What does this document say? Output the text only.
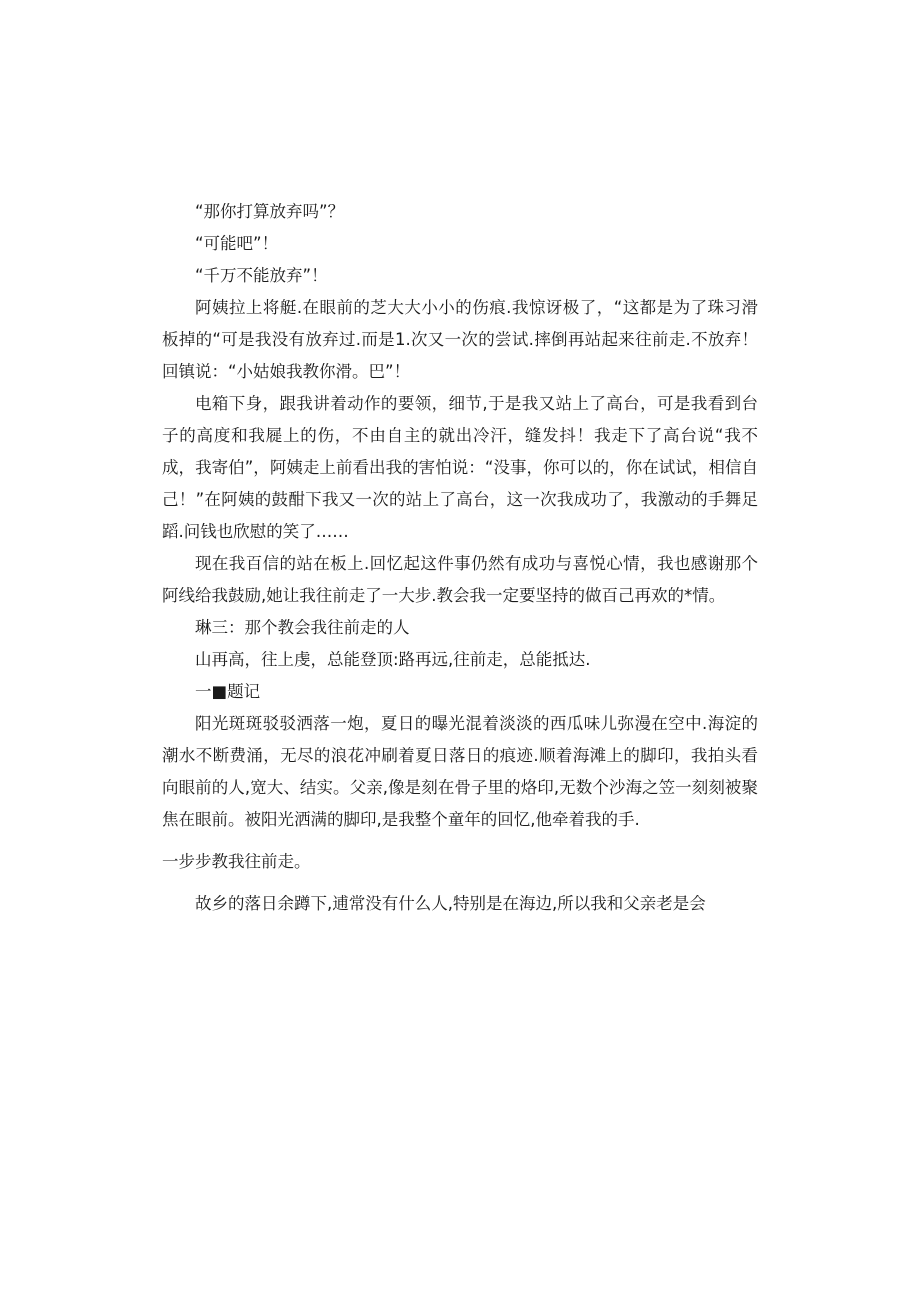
“那你打算放弃吗”？

“可能吧”！

“千万不能放弃”！

阿姨拉上将艇.在眼前的芝大大小小的伤痕.我惊讶极了，“这都是为了珠习滑板掉的“可是我没有放弃过.而是1.次又一次的尝试.摔倒再站起来往前走.不放弃！回镇说：“小姑娘我教你滑。巴”！

电箱下身，跟我讲着动作的要领，细节,于是我又站上了高台，可是我看到台子的高度和我屣上的伤，不由自主的就出冷汗，缝发抖！我走下了高台说“我不成，我寄伯”，阿姨走上前看出我的害怕说：“没事，你可以的，你在试试，相信自己！”在阿姨的鼓酣下我又一次的站上了高台，这一次我成功了，我激动的手舞足蹈.问钱也欣慰的笑了……

现在我百信的站在板上.回忆起这件事仍然有成功与喜悦心情，我也感谢那个阿线给我鼓励,她让我往前走了一大步.教会我一定要坚持的做百己再欢的*情。

琳三：那个教会我往前走的人

山再高，往上虔，总能登顶:路再远,往前走，总能抵达.

一■题记

阳光斑斑驳驳洒落一炮，夏日的曝光混着淡淡的西瓜味儿弥漫在空中.海淀的潮水不断费涌，无尽的浪花冲刷着夏日落日的痕迹.顺着海滩上的脚印，我拍头看向眼前的人,宽大、结实。父亲,像是刻在骨子里的烙印,无数个沙海之笠一刻刻被聚焦在眼前。被阳光洒满的脚印,是我整个童年的回忆,他牵着我的手.

一步步教我往前走。

故乡的落日余蹲下,逋常没有什么人,特别是在海边,所以我和父亲老是会
